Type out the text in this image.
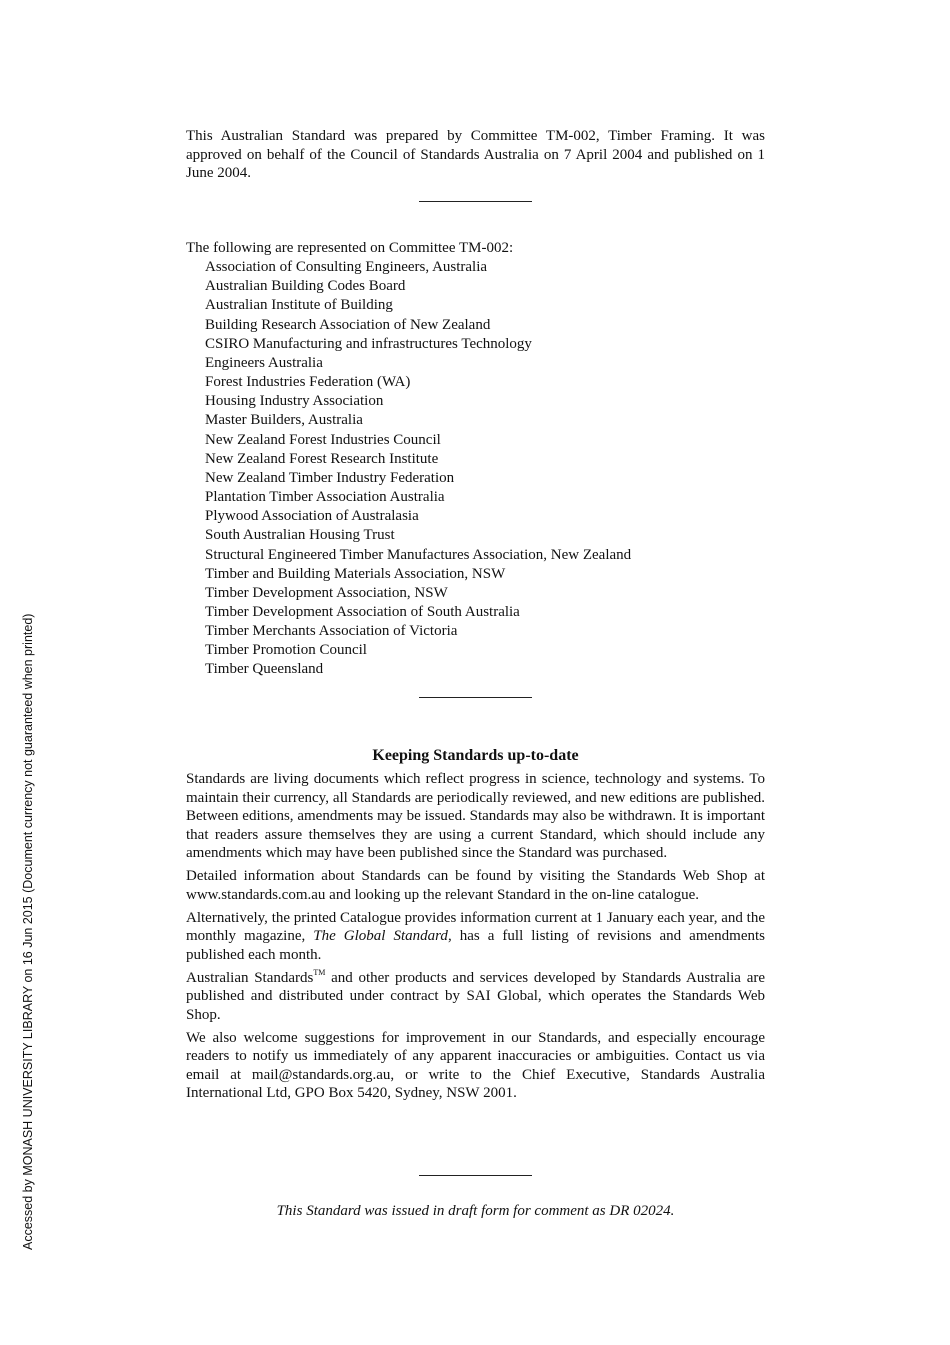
This Australian Standard was prepared by Committee TM-002, Timber Framing. It was approved on behalf of the Council of Standards Australia on 7 April 2004 and published on 1 June 2004.

The following are represented on Committee TM-002:
Association of Consulting Engineers, Australia
Australian Building Codes Board
Australian Institute of Building
Building Research Association of New Zealand
CSIRO Manufacturing and infrastructures Technology
Engineers Australia
Forest Industries Federation (WA)
Housing Industry Association
Master Builders, Australia
New Zealand Forest Industries Council
New Zealand Forest Research Institute
New Zealand Timber Industry Federation
Plantation Timber Association Australia
Plywood Association of Australasia
South Australian Housing Trust
Structural Engineered Timber Manufactures Association, New Zealand
Timber and Building Materials Association, NSW
Timber Development Association, NSW
Timber Development Association of South Australia
Timber Merchants Association of Victoria
Timber Promotion Council
Timber Queensland
Keeping Standards up-to-date

Standards are living documents which reflect progress in science, technology and systems. To maintain their currency, all Standards are periodically reviewed, and new editions are published. Between editions, amendments may be issued. Standards may also be withdrawn. It is important that readers assure themselves they are using a current Standard, which should include any amendments which may have been published since the Standard was purchased.

Detailed information about Standards can be found by visiting the Standards Web Shop at www.standards.com.au and looking up the relevant Standard in the on-line catalogue.

Alternatively, the printed Catalogue provides information current at 1 January each year, and the monthly magazine, The Global Standard, has a full listing of revisions and amendments published each month.

Australian Standards™ and other products and services developed by Standards Australia are published and distributed under contract by SAI Global, which operates the Standards Web Shop.

We also welcome suggestions for improvement in our Standards, and especially encourage readers to notify us immediately of any apparent inaccuracies or ambiguities. Contact us via email at mail@standards.org.au, or write to the Chief Executive, Standards Australia International Ltd, GPO Box 5420, Sydney, NSW 2001.

This Standard was issued in draft form for comment as DR 02024.
Accessed by MONASH UNIVERSITY LIBRARY on 16 Jun 2015 (Document currency not guaranteed when printed)
